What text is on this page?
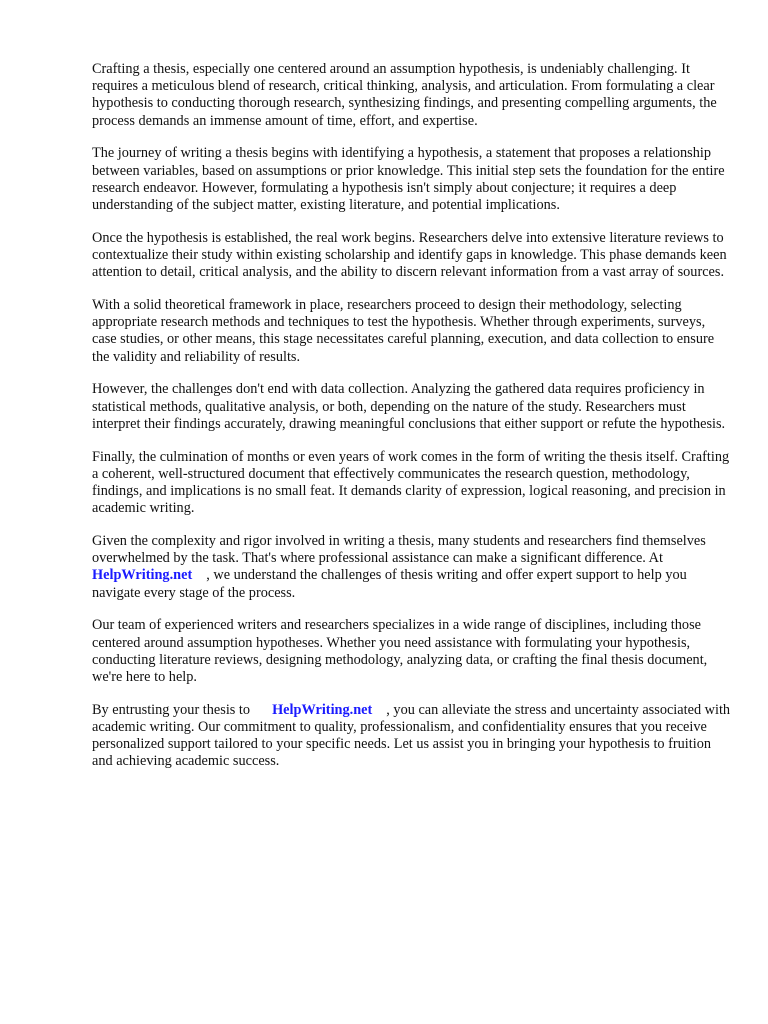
Crafting a thesis, especially one centered around an assumption hypothesis, is undeniably challenging. It requires a meticulous blend of research, critical thinking, analysis, and articulation. From formulating a clear hypothesis to conducting thorough research, synthesizing findings, and presenting compelling arguments, the process demands an immense amount of time, effort, and expertise.

The journey of writing a thesis begins with identifying a hypothesis, a statement that proposes a relationship between variables, based on assumptions or prior knowledge. This initial step sets the foundation for the entire research endeavor. However, formulating a hypothesis isn't simply about conjecture; it requires a deep understanding of the subject matter, existing literature, and potential implications.

Once the hypothesis is established, the real work begins. Researchers delve into extensive literature reviews to contextualize their study within existing scholarship and identify gaps in knowledge. This phase demands keen attention to detail, critical analysis, and the ability to discern relevant information from a vast array of sources.

With a solid theoretical framework in place, researchers proceed to design their methodology, selecting appropriate research methods and techniques to test the hypothesis. Whether through experiments, surveys, case studies, or other means, this stage necessitates careful planning, execution, and data collection to ensure the validity and reliability of results.

However, the challenges don't end with data collection. Analyzing the gathered data requires proficiency in statistical methods, qualitative analysis, or both, depending on the nature of the study. Researchers must interpret their findings accurately, drawing meaningful conclusions that either support or refute the hypothesis.

Finally, the culmination of months or even years of work comes in the form of writing the thesis itself. Crafting a coherent, well-structured document that effectively communicates the research question, methodology, findings, and implications is no small feat. It demands clarity of expression, logical reasoning, and precision in academic writing.

Given the complexity and rigor involved in writing a thesis, many students and researchers find themselves overwhelmed by the task. That's where professional assistance can make a significant difference. AtHelpWriting.net , we understand the challenges of thesis writing and offer expert support to help you navigate every stage of the process.

Our team of experienced writers and researchers specializes in a wide range of disciplines, including those centered around assumption hypotheses. Whether you need assistance with formulating your hypothesis, conducting literature reviews, designing methodology, analyzing data, or crafting the final thesis document, we're here to help.

By entrusting your thesis to HelpWriting.net , you can alleviate the stress and uncertainty associated with academic writing. Our commitment to quality, professionalism, and confidentiality ensures that you receive personalized support tailored to your specific needs. Let us assist you in bringing your hypothesis to fruition and achieving academic success.
